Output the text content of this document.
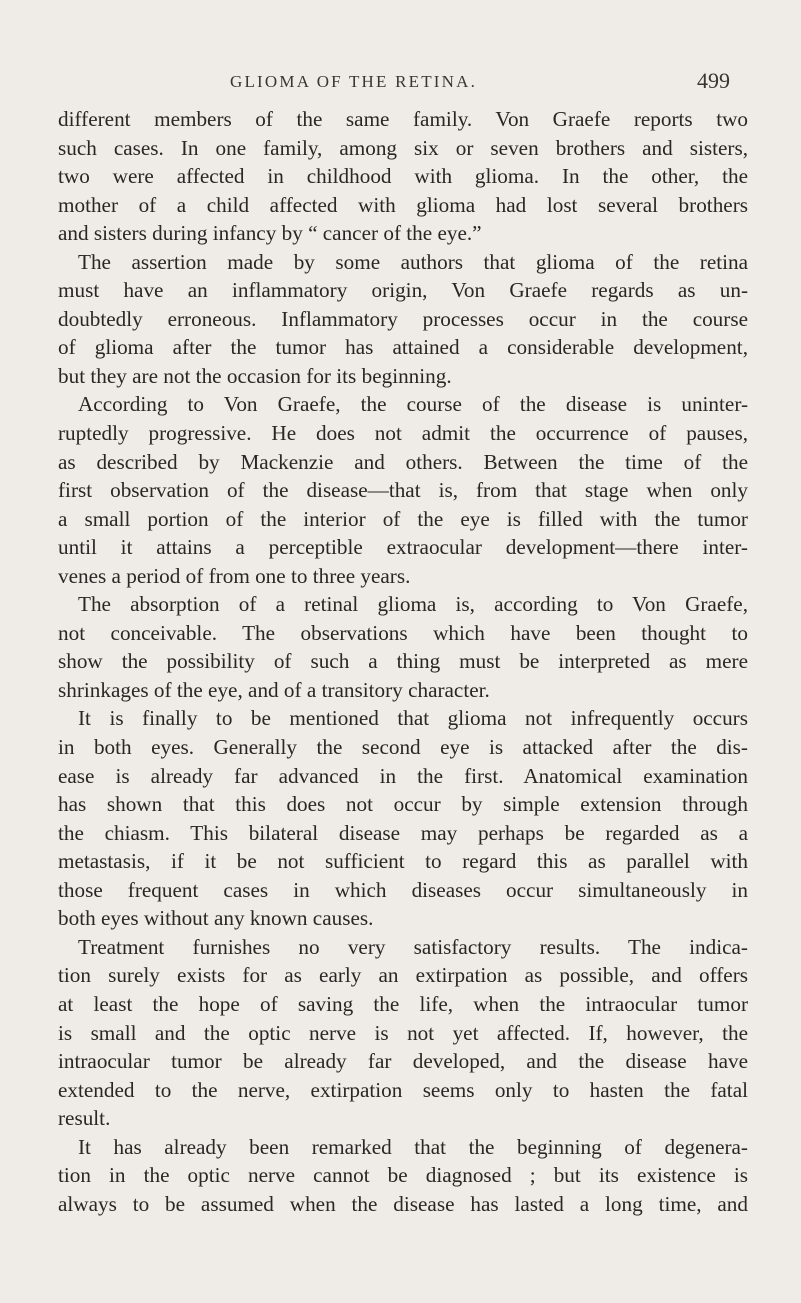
GLIOMA OF THE RETINA.	499
different members of the same family. Von Graefe reports two
such cases. In one family, among six or seven brothers and sisters,
two were affected in childhood with glioma. In the other, the
mother of a child affected with glioma had lost several brothers
and sisters during infancy by “ cancer of the eye.”
The assertion made by some authors that glioma of the retina
must have an inflammatory origin, Von Graefe regards as un-
doubtedly erroneous. Inflammatory processes occur in the course
of glioma after the tumor has attained a considerable development,
but they are not the occasion for its beginning.
According to Von Graefe, the course of the disease is uninter-
ruptedly progressive. He does not admit the occurrence of pauses,
as described by Mackenzie and others. Between the time of the
first observation of the disease—that is, from that stage when only
a small portion of the interior of the eye is filled with the tumor
until it attains a perceptible extraocular development—there inter-
venes a period of from one to three years.
The absorption of a retinal glioma is, according to Von Graefe,
not conceivable. The observations which have been thought to
show the possibility of such a thing must be interpreted as mere
shrinkages of the eye, and of a transitory character.
It is finally to be mentioned that glioma not infrequently occurs
in both eyes. Generally the second eye is attacked after the dis-
ease is already far advanced in the first. Anatomical examination
has shown that this does not occur by simple extension through
the chiasm. This bilateral disease may perhaps be regarded as a
metastasis, if it be not sufficient to regard this as parallel with
those frequent cases in which diseases occur simultaneously in
both eyes without any known causes.
Treatment furnishes no very satisfactory results. The indica-
tion surely exists for as early an extirpation as possible, and offers
at least the hope of saving the life, when the intraocular tumor
is small and the optic nerve is not yet affected. If, however, the
intraocular tumor be already far developed, and the disease have
extended to the nerve, extirpation seems only to hasten the fatal
result.
It has already been remarked that the beginning of degenera-
tion in the optic nerve cannot be diagnosed ; but its existence is
always to be assumed when the disease has lasted a long time, and
